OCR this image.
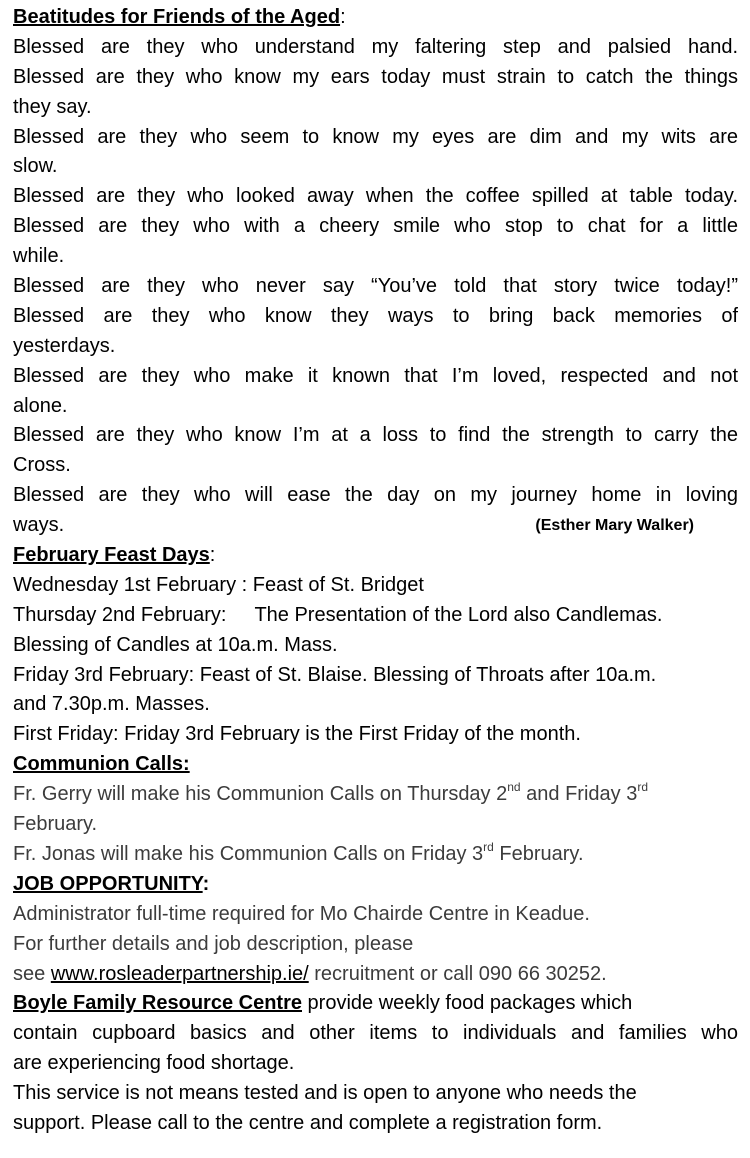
Beatitudes for Friends of the Aged:
Blessed are they who understand my faltering step and palsied hand.
Blessed are they who know my ears today must strain to catch the things
they say.
Blessed are they who seem to know my eyes are dim and my wits are
slow.
Blessed are they who looked away when the coffee spilled at table today.
Blessed are they who with a cheery smile who stop to chat for a little
while.
Blessed are they who never say “You’ve told that story twice today!”
Blessed are they who know they ways to bring back memories of
yesterdays.
Blessed are they who make it known that I’m loved, respected and not
alone.
Blessed are they who know I’m at a loss to find the strength to carry the
Cross.
Blessed are they who will ease the day on my journey home in loving
ways.	(Esther Mary Walker)
February Feast Days:
Wednesday 1st February : Feast of St. Bridget
Thursday 2nd February: The Presentation of the Lord also Candlemas.
Blessing of Candles at 10a.m. Mass.
Friday 3rd February: Feast of St. Blaise. Blessing of Throats after 10a.m.
and 7.30p.m. Masses.
First Friday: Friday 3rd February is the First Friday of the month.
Communion Calls:
Fr. Gerry will make his Communion Calls on Thursday 2nd and Friday 3rd
February.
Fr. Jonas will make his Communion Calls on Friday 3rd February.
JOB OPPORTUNITY:
Administrator full-time required for Mo Chairde Centre in Keadue.
For further details and job description, please
see www.rosleaderpartnership.ie/ recruitment or call 090 66 30252.
Boyle Family Resource Centre provide weekly food packages which
contain cupboard basics and other items to individuals and families who
are experiencing food shortage.
This service is not means tested and is open to anyone who needs the
support. Please call to the centre and complete a registration form.
